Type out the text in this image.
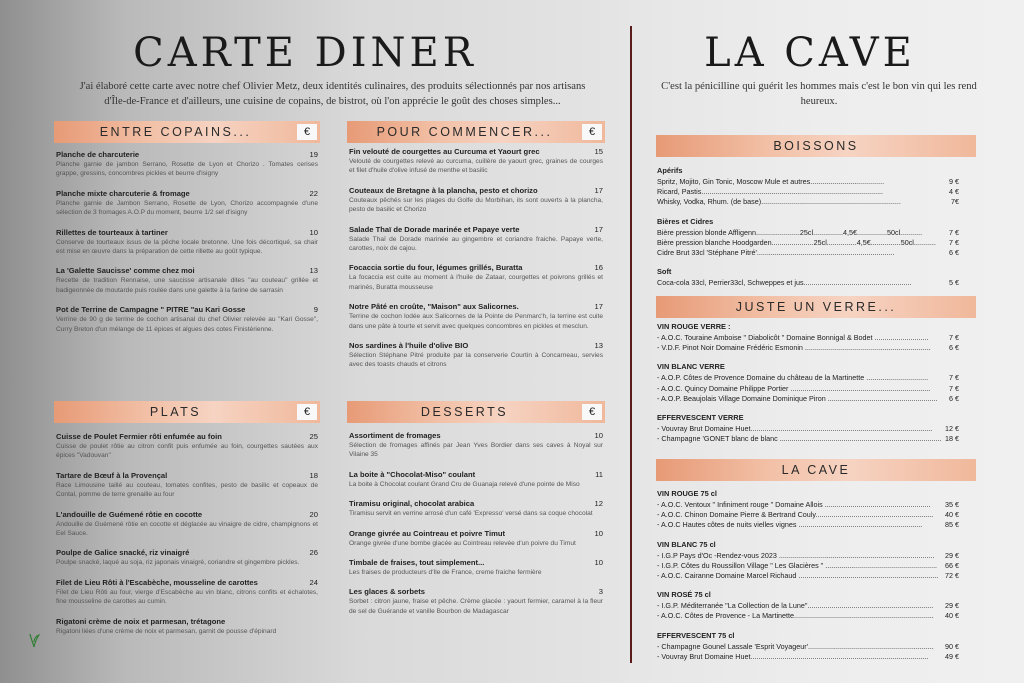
CARTE DINER

J'ai élaboré cette carte avec notre chef Olivier Metz, deux identités culinaires, des produits sélectionnés par nos artisans d'Île-de-France et d'ailleurs, une cuisine de copains, de bistrot, où l'on apprécie le goût des choses simples...

ENTRE COPAINS...	€
Planche de charcuterie	19
Planche garnie de jambon Serrano, Rosette de Lyon et Chorizo . Tomates cerises grappe, gressins, concombres pickles et beurre d'isigny
Planche mixte charcuterie & fromage	22
Planche garnie de Jambon Serrano, Rosette de Lyon, Chorizo accompagnée d'une sélection de 3 fromages A.O.P du moment, beurre 1/2 sel d'isigny
Rillettes de tourteaux à tartiner	10
Conserve de tourteaux issus de la pêche locale bretonne. Une fois décortiqué, sa chair est mise en œuvre dans la préparation de cette rillette au goût typique.
La 'Galette Saucisse' comme chez moi	13
Recette de tradition Rennaise, une saucisse artisanale dites "au couteau" grillée et badigeonnée de moutarde puis roulée dans une galette à la farine de sarrasin
Pot de Terrine de Campagne " PITRE "au Kari Gosse	9
Verrine de 90 g de terrine de cochon artisanal du chef Olivier relevée au "Kari Gosse", Curry Breton d'un mélange de 11 épices et algues des cotes Finistérienne.
POUR COMMENCER...	€
Fin velouté de courgettes au Curcuma et Yaourt grec	15
Velouté de courgettes relevé au curcuma, cuillère de yaourt grec, graines de courges et filet d'huile d'olive infusé de menthe et basilic
Couteaux de Bretagne à la plancha, pesto et chorizo	17
Couteaux pêchés sur les plages du Golfe du Morbihan, ils sont ouverts à la plancha, pesto de basilic et Chorizo
Salade Thaï de Dorade marinée et Papaye verte	17
Salade Thaï de Dorade marinée au gingembre et coriandre fraiche. Papaye verte, carottes, noix de cajou.
Focaccia sortie du four, légumes grillés, Buratta	16
La focaccia est cuite au moment à l'huile de Zataar, courgettes et poivrons grillés et marinés, Buratta mousseuse
Notre Pâté en croûte, "Maison" aux Salicornes.	17
Terrine de cochon lodée aux Salicornes de la Pointe de Penmarc'h, la terrine est cuite dans une pâte à tourte et servit avec quelques concombres en pickles et mesclun.
Nos sardines à l'huile d'olive BIO	13
Sélection Stéphane Pitré produite par la conserverie Courtin à Concarneau, servies avec des toasts chauds et citrons
PLATS	€
Cuisse de Poulet Fermier rôti enfumée au foin	25
Cuisse de poulet rôtie au citron confit puis enfumée au foin, courgettes sautées aux épices "Vadouvan"
Tartare de Bœuf à la Provençal	18
Race Limousine taillé au couteau, tomates confites, pesto de basilic et copeaux de Contal, pomme de terre grenaille au four
L'andouille de Guémené rôtie en cocotte	20
Andouille de Guémené rôtie en cocotte et déglacée au vinaigre de cidre, champignons et Eel Sauce.
Poulpe de Galice snacké, riz vinaigré	26
Poulpe snacké, laqué au soja, riz japonais vinaigré, coriandre et gingembre pickles.
Filet de Lieu Rôti à l'Escabèche, mousseline de carottes	24
Filet de Lieu Rôti au four, vierge d'Escabèche au vin blanc, citrons confits et échalotes, fine mousseline de carottes au cumin.
Rigatoni crème de noix et parmesan, trétagone
Rigatoni liées d'une crème de noix et parmesan, garnit de pousse d'épinard
DESSERTS	€
Assortiment de fromages	10
Sélection de fromages affinés par Jean Yves Bordier dans ses caves à Noyal sur Vilaine 35
La boite à "Chocolat-Miso" coulant	11
La boite à Chocolat coulant Grand Cru de Guanaja relevé d'une pointe de Miso
Tiramisu original, chocolat arabica	12
Tiramisu servit en verrine arrosé d'un café 'Expresso' versé dans sa coque chocolat
Orange givrée au Cointreau et poivre Timut	10
Orange givrée d'une bombe glacée au Cointreau relevée d'un poivre du Timut
Timbale de fraises, tout simplement...	10
Les fraises de producteurs d'Ile de France, creme fraiche fermière
Les glaces & sorbets	3
Sorbet : citron jaune, fraise et pêche. Crème glacée : yaourt fermier, caramel à la fleur de sel de Guérande et vanille Bourbon de Madagascar
LA CAVE

C'est la pénicilline qui guérit les hommes mais c'est le bon vin qui les rend heureux.

BOISSONS
Apérifs
Spritz, Mojito, Gin Tonic, Moscow Mule et autres.....................................	9 €
Ricard, Pastis...........................................................................................	4 €
Whisky, Vodka, Rhum. (de base)......................................................................	7€
Bières et Cidres
Bière pression blonde Affligenn......................25cl...............4,5€...............50cl...........	7 €
Bière pression blanche Hoodgarden.....................25cl...............4,5€...............50cl...........	7 €
Cidre Brut 33cl 'Stéphane Pitré'.....................................................................	6 €
Soft
Coca-cola 33cl, Perrier33cl, Schweppes et jus......................................................	5 €
JUSTE UN VERRE...
VIN ROUGE VERRE :
- A.O.C. Touraine Amboise " Diabolicôt " Domaine Bonnigal & Bodet ...........................	7 €
- V.D.F. Pinot Noir Domaine Frédéric Esmonin ...............................................................	6 €
VIN BLANC VERRE
- A.O.P. Côtes de Provence Domaine du château de la Martinette ...............................	7 €
- A.O.C. Quincy Domaine Philippe Portier ......................................................................	7 €
- A.O.P. Beaujolais Village Domaine Dominique Piron .......................................................	6 €
EFFERVESCENT VERRE
- Vouvray Brut Domaine Huet...........................................................................................	12 €
- Champagne 'GONET blanc de blanc ................................................................................. 18 €
LA CAVE
VIN ROUGE 75 cl
- A.O.C. Ventoux " Infiniment rouge " Domaine Allois .....................................................	35 €
- A.O.C. Chinon Domaine Pierre & Bertrand Couly...........................................................	40 €
- A.O.C Hautes côtes de nuits vielles vignes ..............................................................	85 €
VIN BLANC 75 cl
- I.G.P Pays d'Oc -Rendez-vous 2023 ..............................................................................	29 €
- I.G.P. Côtes du Roussillon Village " Les Glacières " ........................................................	66 €
- A.O.C. Cairanne Domaine Marcel Richaud ...................................................................... 72 €
VIN ROSÉ 75 cl
- I.G.P. Méditerranée "La Collection de la Lune"...............................................................	29 €
- A.O.C. Côtes de Provence - La Martinette......................................................................	40 €
EFFERVESCENT 75 cl
- Champagne Gounel Lassale 'Esprit Voyageur'...............................................................	90 €
- Vouvray Brut Domaine Huet.........................................................................................	49 €
